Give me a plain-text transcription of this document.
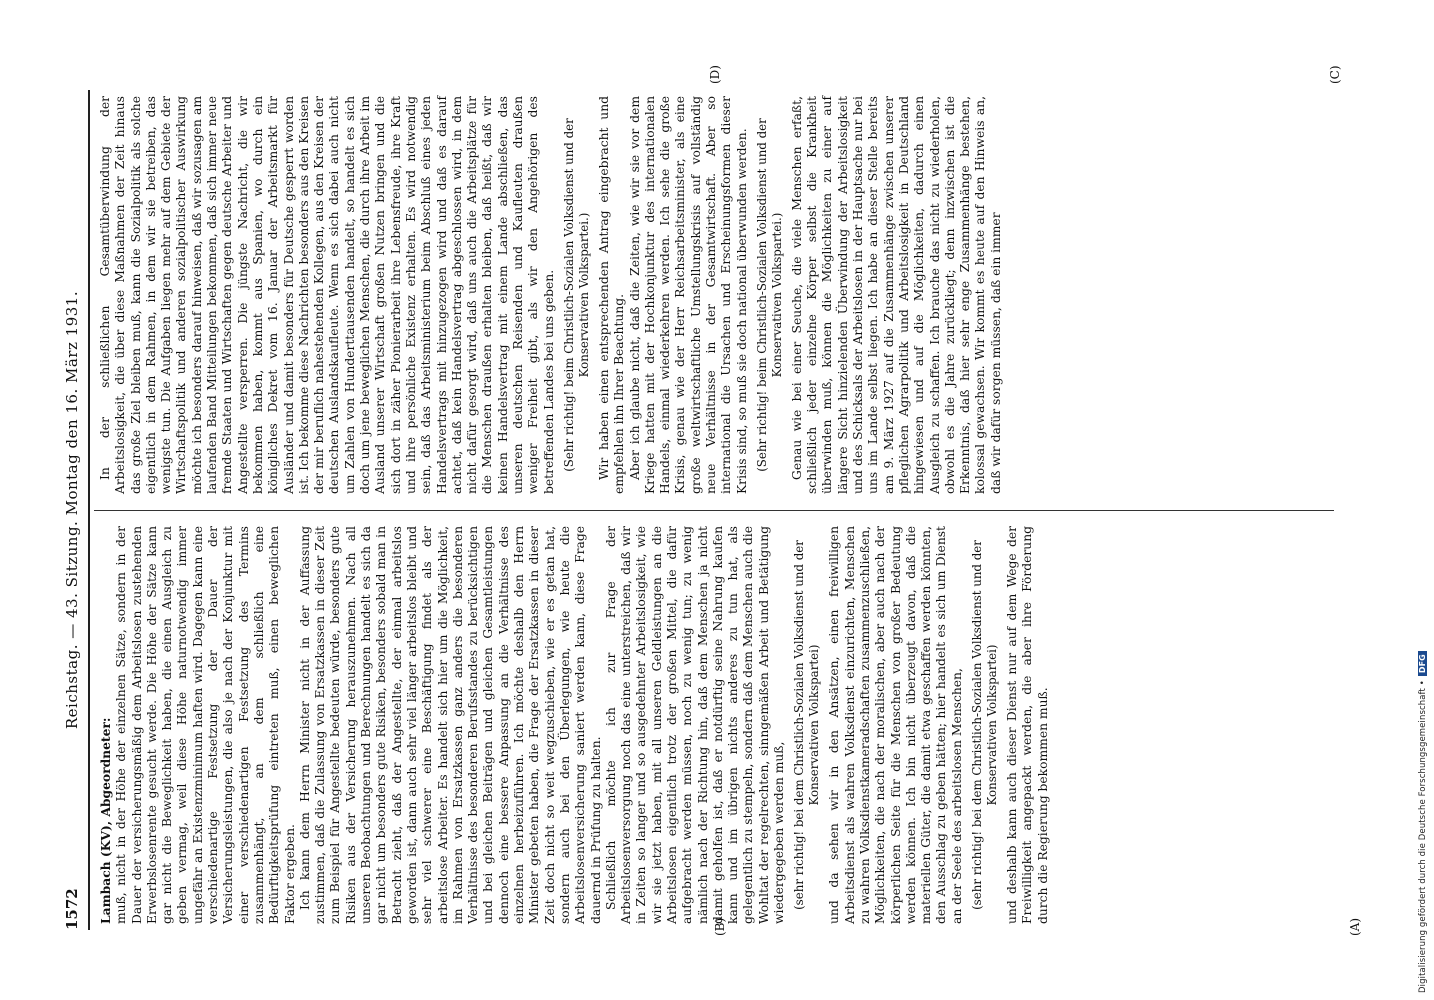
1572
Reichstag. — 43. Sitzung. Montag den 16. März 1931.

Lambach (KV), Abgeordneter: muß, nicht in der Höhe der einzelnen Sätze, sondern in der Dauer der versicherungsmäßig dem Arbeitslosen zustehenden Erwerbslosenrente gesucht werde. Die Höhe der Sätze kann gar nicht die Beweglichkeit haben, die einen Ausgleich zu geben vermag, weil diese Höhe naturnotwendig immer ungefähr an Existenzminimum haften wird. Dagegen kann eine verschiedenartige Festsetzung der Dauer der Versicherungsleistungen, die also je nach der Konjunktur mit einer verschiedenartigen Festsetzung des Termins zusammenhängt, an dem schließlich eine Bedürftigkeitsprüfung eintreten muß, einen beweglichen Faktor ergeben. Ich kann dem Herrn Minister nicht in der Auffassung zustimmen, daß die Zulassung von Ersatzkassen in dieser Zeit zum Beispiel für Angestellte bedeuten würde, besonders gute Risiken aus der Versicherung herauszunehmen. Nach all unseren Beobachtungen und Berechnungen handelt es sich da gar nicht um besonders gute Risiken, besonders sobald man in Betracht zieht, daß der Angestellte, der einmal arbeitslos geworden ist, dann auch sehr viel länger arbeitslos bleibt und sehr viel schwerer eine Beschäftigung findet als der arbeitslose Arbeiter. Es handelt sich hier um die Möglichkeit, im Rahmen von Ersatzkassen ganz anders die besonderen Verhältnisse des besonderen Berufsstandes zu berücksichtigen und bei gleichen Beiträgen und gleichen Gesamtleistungen dennoch eine bessere Anpassung an die Verhältnisse des einzelnen herbeizuführen. Ich möchte deshalb den Herrn Minister gebeten haben, die Frage der Ersatzkassen in dieser Zeit doch nicht so weit wegzuschieben, wie er es getan hat, sondern auch bei den Überlegungen, wie heute die Arbeitslosenversicherung saniert werden kann, diese Frage dauernd in Prüfung zu halten. Schließlich möchte ich zur Frage der Arbeitslosenversorgung noch das eine unterstreichen, daß wir in Zeiten so langer und so ausgedehnter Arbeitslosigkeit, wie wir sie jetzt haben, mit all unseren Geldleistungen an die Arbeitslosen eigentlich trotz der großen Mittel, die dafür aufgebracht werden müssen, noch zu wenig tun; zu wenig nämlich nach der Richtung hin, daß dem Menschen ja nicht damit geholfen ist, daß er notdürftig seine Nahrung kaufen kann und im übrigen nichts anderes zu tun hat, als gelegentlich zu stempeln, sondern daß dem Menschen auch die Wohltat der regelrechten, sinngemäßen Arbeit und Betätigung wiedergegeben werden muß, (sehr richtig! bei dem Christlich-Sozialen Volksdienst und der Konservativen Volkspartei) und da sehen wir in den Ansätzen, einen freiwilligen Arbeitsdienst als wahren Volksdienst einzurichten, Menschen zu wahren Volksdienstkameradschaften zusammenzuschließen, Möglichkeiten, die nach der moralischen, aber auch nach der körperlichen Seite für die Menschen von großer Bedeutung werden können. Ich bin nicht überzeugt davon, daß die materiellen Güter, die damit etwa geschaffen werden könnten, den Ausschlag zu geben hätten; hier handelt es sich um Dienst an der Seele des arbeitslosen Menschen, (sehr richtig! bei dem Christlich-Sozialen Volksdienst und der Konservativen Volkspartei) und deshalb kann auch dieser Dienst nur auf dem Wege der Freiwilligkeit angepackt werden, die aber ihre Förderung durch die Regierung bekommen muß.

In der schließlichen Gesamtüberwindung der Arbeitslosigkeit, die über diese Maßnahmen der Zeit hinaus das große Ziel bleiben muß, kann die Sozialpolitik als solche eigentlich in dem Rahmen, in dem wir sie betreiben, das wenigste tun. Die Aufgaben liegen mehr auf dem Gebiete der Wirtschaftspolitik und anderen sozialpolitischer Auswirkung möchte ich besonders darauf hinweisen, daß wir sozusagen am laufenden Band Mitteilungen bekommen, daß sich immer neue fremde Staaten und Wirtschaften gegen deutsche Arbeiter und Angestellte versperren. Die jüngste Nachricht, die wir bekommen haben, kommt aus Spanien, wo durch ein königliches Dekret vom 16. Januar der Arbeitsmarkt für Ausländer und damit besonders für Deutsche gesperrt worden ist. Ich bekomme diese Nachrichten besonders aus den Kreisen der mir beruflich nahestehenden Kollegen, aus den Kreisen der deutschen Auslandskaufleute. Wenn es sich dabei auch nicht um Zahlen von Hunderttausenden handelt, so handelt es sich doch um jene beweglichen Menschen, die durch ihre Arbeit im Ausland unserer Wirtschaft großen Nutzen bringen und die sich dort in zäher Pionierarbeit ihre Lebensfreude, ihre Kraft und ihre persönliche Existenz erhalten. Es wird notwendig sein, daß das Arbeitsministerium beim Abschluß eines jeden Handelsvertrags mit hinzugezogen wird und daß es darauf achtet, daß kein Handelsvertrag abgeschlossen wird, in dem nicht dafür gesorgt wird, daß uns auch die Arbeitsplätze für die Menschen draußen erhalten bleiben, daß heißt, daß wir keinen Handelsvertrag mit einem Lande abschließen, das unseren deutschen Reisenden und Kaufleuten draußen weniger Freiheit gibt, als wir den Angehörigen des betreffenden Landes bei uns geben. (Sehr richtig! beim Christlich-Sozialen Volksdienst und der Konservativen Volkspartei.) Wir haben einen entsprechenden Antrag eingebracht und empfehlen ihn Ihrer Beachtung. Aber ich glaube nicht, daß die Zeiten, wie wir sie vor dem Kriege hatten mit der Hochkonjunktur des internationalen Handels, einmal wiederkehren werden. Ich sehe die große Krisis, genau wie der Herr Reichsarbeitsminister, als eine große weltwirtschaftliche Umstellungskrisis auf vollständig neue Verhältnisse in der Gesamtwirtschaft. Aber so international die Ursachen und Erscheinungsformen dieser Krisis sind, so muß sie doch national überwunden werden. (Sehr richtig! beim Christlich-Sozialen Volksdienst und der Konservativen Volkspartei.) Genau wie bei einer Seuche, die viele Menschen erfaßt, schließlich jeder einzelne Körper selbst die Krankheit überwinden muß, können die Möglichkeiten zu einer auf längere Sicht hinzielenden Überwindung der Arbeitslosigkeit und des Schicksals der Arbeitslosen in der Hauptsache nur bei uns im Lande selbst liegen. Ich habe an dieser Stelle bereits am 9. März 1927 auf die Zusammenhänge zwischen unserer pfleglichen Agrarpolitik und Arbeitslosigkeit in Deutschland hingewiesen und auf die Möglichkeiten, dadurch einen Ausgleich zu schaffen. Ich brauche das nicht zu wiederholen, obwohl es die Jahre zurückliegt; denn inzwischen ist die Erkenntnis, daß hier sehr enge Zusammenhänge bestehen, kolossal gewachsen. Wir kommt es heute auf den Hinweis an, daß wir dafür sorgen müssen, daß ein immer

(A)
(B)
(C)
(D)
Digitalisierung gefördert durch die Deutsche Forschungsgemeinschaft •DFG
